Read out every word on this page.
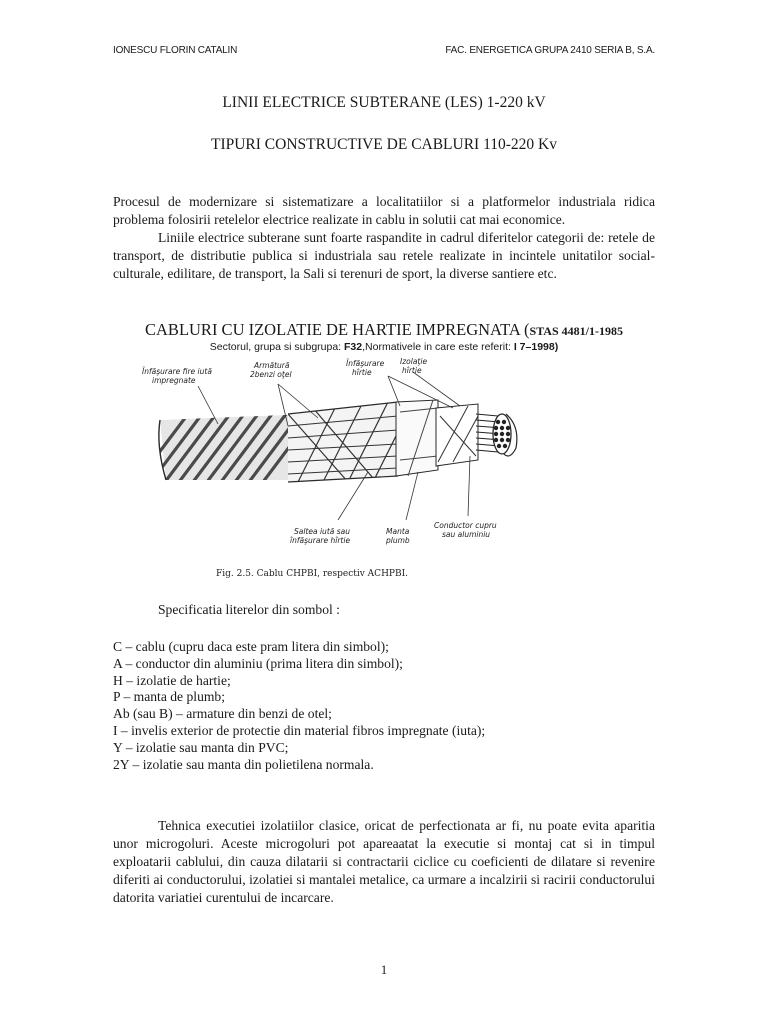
IONESCU FLORIN CATALIN	FAC. ENERGETICA GRUPA 2410 SERIA B, S.A.
LINII ELECTRICE SUBTERANE (LES) 1-220 kV
TIPURI CONSTRUCTIVE DE CABLURI 110-220 Kv
Procesul de modernizare si sistematizare a localitatiilor si a platformelor industriala ridica problema folosirii retelelor electrice realizate in cablu in solutii cat mai economice.
Liniile electrice subterane sunt foarte raspandite in cadrul diferitelor categorii de: retele de transport, de distributie publica si industriala sau retele realizate in incintele unitatilor social-culturale, edilitare, de transport, la Sali si terenuri de sport, la diverse santiere etc.
CABLURI CU IZOLATIE DE HARTIE IMPREGNATA (STAS 4481/1-1985
Sectorul, grupa si subgrupa: F32,Normativele in care este referit: I 7–1998)
Înfăşurare fire iută
impregnate
Armătură
2benzi oţel
Înfăşurare
hîrtie
Izolaţie
hîrtie
Saltea iută sau
înfăşurare hîrtie
Manta
plumb
Conductor cupru
sau aluminiu
Fig. 2.5. Cablu CHPBI, respectiv ACHPBI.
Specificatia literelor din sombol :
C – cablu (cupru daca este pram litera din simbol);
A – conductor din aluminiu (prima litera din simbol);
H – izolatie de hartie;
P – manta de plumb;
Ab (sau B) – armature din benzi de otel;
I – invelis exterior de protectie din material fibros impregnate (iuta);
Y – izolatie sau manta din PVC;
2Y – izolatie sau manta din polietilena normala.

Tehnica executiei izolatiilor clasice, oricat de perfectionata ar fi, nu poate evita aparitia unor microgoluri. Aceste microgoluri pot apareaatat la executie si montaj cat si in timpul exploatarii cablului, din cauza dilatarii si contractarii ciclice cu coeficienti de dilatare si revenire diferiti ai conductorului, izolatiei si mantalei metalice, ca urmare a incalzirii si racirii conductorului datorita variatiei curentului de incarcare.

1
